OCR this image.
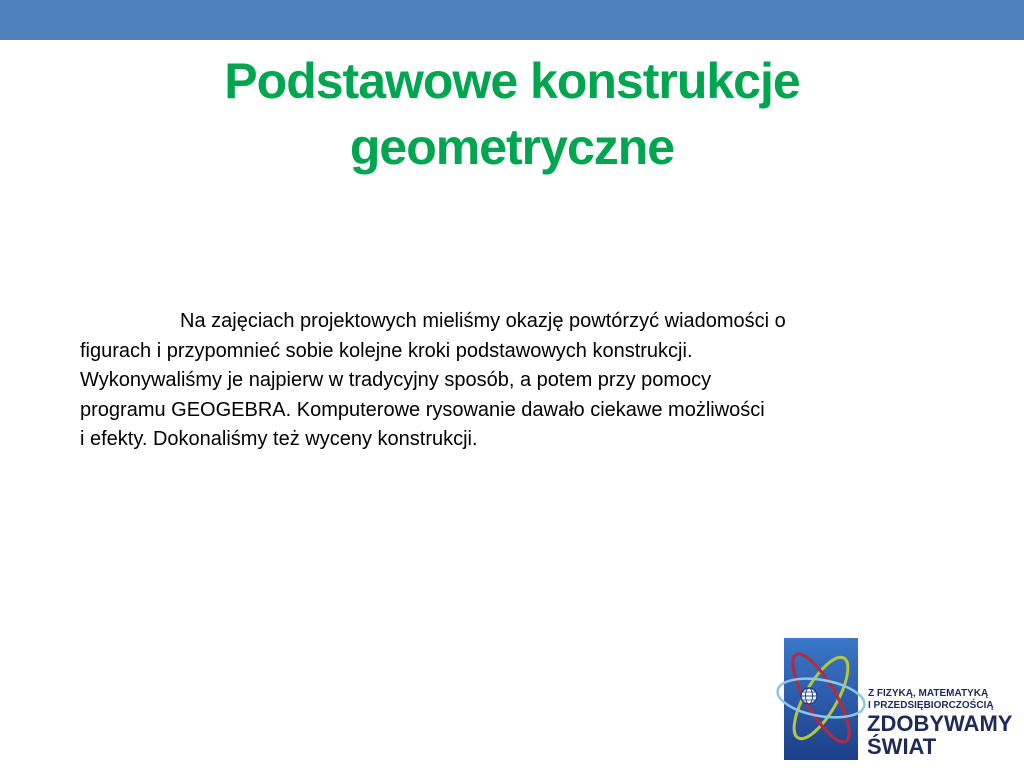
Podstawowe konstrukcje
geometryczne
Na zajęciach projektowych mieliśmy okazję powtórzyć wiadomości o
figurach i przypomnieć sobie kolejne kroki podstawowych konstrukcji.
Wykonywaliśmy je najpierw w tradycyjny sposób, a potem przy pomocy
programu GEOGEBRA. Komputerowe rysowanie dawało ciekawe możliwości
i efekty. Dokonaliśmy też wyceny konstrukcji.
Z FIZYKĄ, MATEMATYKĄ
I PRZEDSIĘBIORCZOŚCIĄ
ZDOBYWAMY
ŚWIAT
